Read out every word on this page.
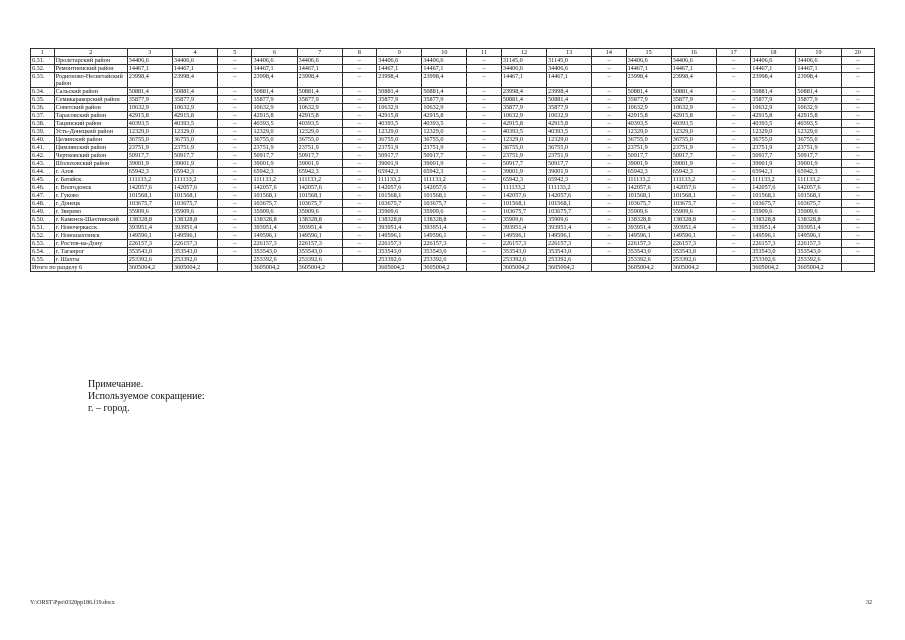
1	2	3	4	5	6	7	8	9	10	11	12	13	14	15	16	17	18	19	20
6.31.	Пролетарский район	34406,6	34406,6	–	34406,6	34406,6	–	34406,6	34406,6	–	31145,0	31145,0	–	34406,6	34406,6	–	34406,6	34406,6	–
6.32.	Ремонтненский район	14467,1	14467,1	–	14467,1	14467,1	–	14467,1	14467,1	–	34406,6	34406,6	–	14467,1	14467,1	–	14467,1	14467,1	–
6.33.	Родионово-Несветайский район	23998,4	23998,4	–	23998,4	23998,4	–	23998,4	23998,4	–	14467,1	14467,1	–	23998,4	23998,4	–	23998,4	23998,4	–
6.34.	Сальский район	50881,4	50881,4	–	50881,4	50881,4	–	50881,4	50881,4	–	23998,4	23998,4	–	50881,4	50881,4	–	50881,4	50881,4	–
6.35.	Семикаракорский район	35877,9	35877,9	–	35877,9	35877,9	–	35877,9	35877,9	–	50881,4	50881,4	–	35877,9	35877,9	–	35877,9	35877,9	–
6.36.	Советский район	10632,9	10632,9	–	10632,9	10632,9	–	10632,9	10632,9	–	35877,9	35877,9	–	10632,9	10632,9	–	10632,9	10632,9	–
6.37.	Тарасовский район	42915,8	42915,8	–	42915,8	42915,8	–	42915,8	42915,8	–	10632,9	10632,9	–	42915,8	42915,8	–	42915,8	42915,8	–
6.38.	Тацинский район	40393,5	40393,5	–	40393,5	40393,5	–	40393,5	40393,5	–	42915,8	42915,8	–	40393,5	40393,5	–	40393,5	40393,5	–
6.39.	Усть-Донецкий район	12329,0	12329,0	–	12329,0	12329,0	–	12329,0	12329,0	–	40393,5	40393,5	–	12329,0	12329,0	–	12329,0	12329,0	–
6.40.	Целинский район	36755,0	36755,0	–	36755,0	36755,0	–	36755,0	36755,0	–	12329,0	12329,0	–	36755,0	36755,0	–	36755,0	36755,0	–
6.41.	Цимлянский район	23751,9	23751,9	–	23751,9	23751,9	–	23751,9	23751,9	–	36755,0	36755,0	–	23751,9	23751,9	–	23751,9	23751,9	–
6.42.	Чертковский район	50917,7	50917,7	–	50917,7	50917,7	–	50917,7	50917,7	–	23751,9	23751,9	–	50917,7	50917,7	–	50917,7	50917,7	–
6.43.	Шолоховский район	39001,9	39001,9	–	39001,9	39001,9	–	39001,9	39001,9	–	50917,7	50917,7	–	39001,9	39001,9	–	39001,9	39001,9	–
6.44.	г. Азов	65942,3	65942,3	–	65942,3	65942,3	–	65942,3	65942,3	–	39001,9	39001,9	–	65942,3	65942,3	–	65942,3	65942,3	–
6.45.	г. Батайск	111133,2	111133,2	–	111133,2	111133,2	–	111133,2	111133,2	–	65942,3	65942,3	–	111133,2	111133,2	–	111133,2	111133,2	–
6.46.	г. Волгодонск	142057,6	142057,6	–	142057,6	142057,6	–	142057,6	142057,6	–	111133,2	111133,2	–	142057,6	142057,6	–	142057,6	142057,6	–
6.47.	г. Гуково	101568,1	101568,1	–	101568,1	101568,1	–	101568,1	101568,1	–	142057,6	142057,6	–	101568,1	101568,1	–	101568,1	101568,1	–
6.48.	г. Донецк	103675,7	103675,7	–	103675,7	103675,7	–	103675,7	103675,7	–	101568,1	101568,1	–	103675,7	103675,7	–	103675,7	103675,7	–
6.49.	г. Зверево	35909,6	35909,6	–	35909,6	35909,6	–	35909,6	35909,6	–	103675,7	103675,7	–	35909,6	35909,6	–	35909,6	35909,6	–
6.50.	г. Каменск-Шахтинский	138328,8	138328,8	–	138328,8	138328,8	–	138328,8	138328,8	–	35909,6	35909,6	–	138328,8	138328,8	–	138328,8	138328,8	–
6.51.	г. Новочеркасск	393951,4	393951,4	–	393951,4	393951,4	–	393951,4	393951,4	–	393951,4	393951,4	–	393951,4	393951,4	–	393951,4	393951,4	–
6.52.	г. Новошахтинск	149596,1	149596,1	–	149596,1	149596,1	–	149596,1	149596,1	–	149596,1	149596,1	–	149596,1	149596,1	–	149596,1	149596,1	–
6.53.	г. Ростов-на-Дону	226157,3	226157,3	–	226157,3	226157,3	–	226157,3	226157,3	–	226157,3	226157,3	–	226157,3	226157,3	–	226157,3	226157,3	–
6.54.	г. Таганрог	353543,0	353543,0	–	353543,0	353543,0	–	353543,0	353543,0	–	353543,0	353543,0	–	353543,0	353543,0	–	353543,0	353543,0	–
6.55.	г. Шахты	253392,6	253392,6		253392,6	253392,6		253392,6	253392,6		253392,6	253392,6		253392,6	253392,6		253392,6	253392,6	
Итого по разделу 6		3605004,2	3605004,2		3605004,2	3605004,2		3605004,2	3605004,2		3605004,2	3605004,2		3605004,2	3605004,2		3605004,2	3605004,2	
Примечание.
Используемое сокращение:
г. – город.
Y:\ORST\Ppo\0320pp186.f19.docx	32
